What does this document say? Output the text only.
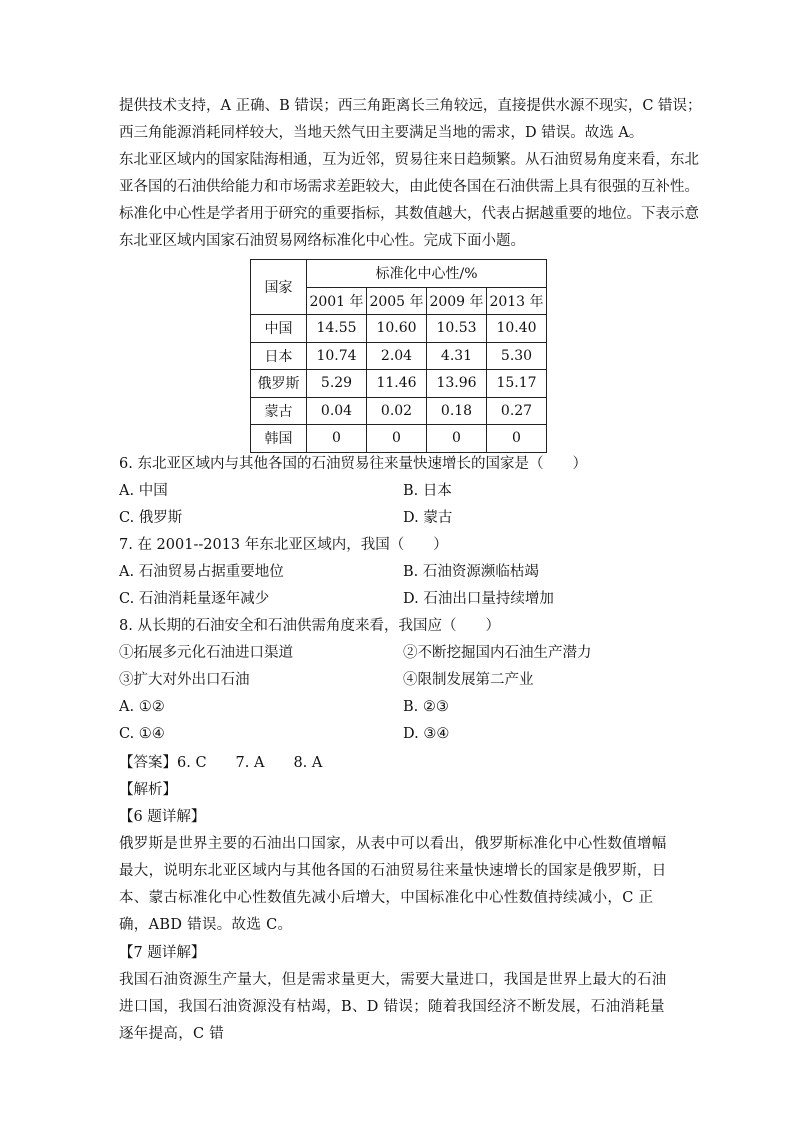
提供技术支持，A 正确、B 错误；西三角距离长三角较远，直接提供水源不现实，C 错误；

西三角能源消耗同样较大，当地天然气田主要满足当地的需求，D 错误。故选 A。

东北亚区域内的国家陆海相通，互为近邻，贸易往来日趋频繁。从石油贸易角度来看，东北

亚各国的石油供给能力和市场需求差距较大，由此使各国在石油供需上具有很强的互补性。

标准化中心性是学者用于研究的重要指标，其数值越大，代表占据越重要的地位。下表示意

东北亚区域内国家石油贸易网络标准化中心性。完成下面小题。

国家	标准化中心性/%			
	2001 年	2005 年	2009 年	2013 年
中国	14.55	10.60	10.53	10.40
日本	10.74	2.04	4.31	5.30
俄罗斯	5.29	11.46	13.96	15.17
蒙古	0.04	0.02	0.18	0.27
韩国	0	0	0	0

6. 东北亚区域内与其他各国的石油贸易往来量快速增长的国家是（　　）

A. 中国	B. 日本
C. 俄罗斯	D. 蒙古

7. 在 2001--2013 年东北亚区域内，我国（　　）

A. 石油贸易占据重要地位	B. 石油资源濒临枯竭
C. 石油消耗量逐年减少	D. 石油出口量持续增加

8. 从长期的石油安全和石油供需角度来看，我国应（　　）

①拓展多元化石油进口渠道	②不断挖掘国内石油生产潜力
③扩大对外出口石油	④限制发展第二产业
A. ①②	B. ②③
C. ①④	D. ③④

【答案】6. C　　7. A　　8. A

【解析】

【6 题详解】

俄罗斯是世界主要的石油出口国家，从表中可以看出，俄罗斯标准化中心性数值增幅最大，说明东北亚区域内与其他各国的石油贸易往来量快速增长的国家是俄罗斯，日本、蒙古标准化中心性数值先减小后增大，中国标准化中心性数值持续减小，C 正确，ABD 错误。故选 C。

【7 题详解】

我国石油资源生产量大，但是需求量更大，需要大量进口，我国是世界上最大的石油进口国，我国石油资源没有枯竭，B、D 错误；随着我国经济不断发展，石油消耗量逐年提高，C 错
